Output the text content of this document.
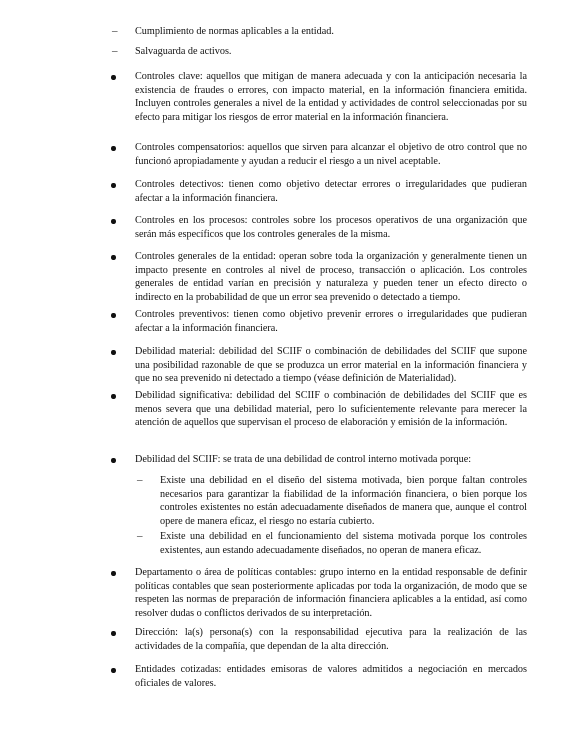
– Cumplimiento de normas aplicables a la entidad.

– Salvaguarda de activos.

Controles clave: aquellos que mitigan de manera adecuada y con la anticipación necesaria la existencia de fraudes o errores, con impacto material, en la información financiera emitida. Incluyen controles generales a nivel de la entidad y actividades de control seleccionadas por su efecto para mitigar los riesgos de error material en la información financiera.

Controles compensatorios: aquellos que sirven para alcanzar el objetivo de otro control que no funcionó apropiadamente y ayudan a reducir el riesgo a un nivel aceptable.

Controles detectivos: tienen como objetivo detectar errores o irregularidades que pudieran afectar a la información financiera.

Controles en los procesos: controles sobre los procesos operativos de una organización que serán más específicos que los controles generales de la misma.

Controles generales de la entidad: operan sobre toda la organización y generalmente tienen un impacto presente en controles al nivel de proceso, transacción o aplicación. Los controles generales de entidad varían en precisión y naturaleza y pueden tener un efecto directo o indirecto en la probabilidad de que un error sea prevenido o detectado a tiempo.

Controles preventivos: tienen como objetivo prevenir errores o irregularidades que pudieran afectar a la información financiera.

Debilidad material: debilidad del SCIIF o combinación de debilidades del SCIIF que supone una posibilidad razonable de que se produzca un error material en la información financiera y que no sea prevenido ni detectado a tiempo (véase definición de Materialidad).

Debilidad significativa: debilidad del SCIIF o combinación de debilidades del SCIIF que es menos severa que una debilidad material, pero lo suficientemente relevante para merecer la atención de aquellos que supervisan el proceso de elaboración y emisión de la información.

Debilidad del SCIIF: se trata de una debilidad de control interno motivada porque:

– Existe una debilidad en el diseño del sistema motivada, bien porque faltan controles necesarios para garantizar la fiabilidad de la información financiera, o bien porque los controles existentes no están adecuadamente diseñados de manera que, aunque el control opere de manera eficaz, el riesgo no estaría cubierto.

– Existe una debilidad en el funcionamiento del sistema motivada porque los controles existentes, aun estando adecuadamente diseñados, no operan de manera eficaz.

Departamento o área de políticas contables: grupo interno en la entidad responsable de definir políticas contables que sean posteriormente aplicadas por toda la organización, de modo que se respeten las normas de preparación de información financiera aplicables a la entidad, así como resolver dudas o conflictos derivados de su interpretación.

Dirección: la(s) persona(s) con la responsabilidad ejecutiva para la realización de las actividades de la compañía, que dependan de la alta dirección.

Entidades cotizadas: entidades emisoras de valores admitidos a negociación en mercados oficiales de valores.
